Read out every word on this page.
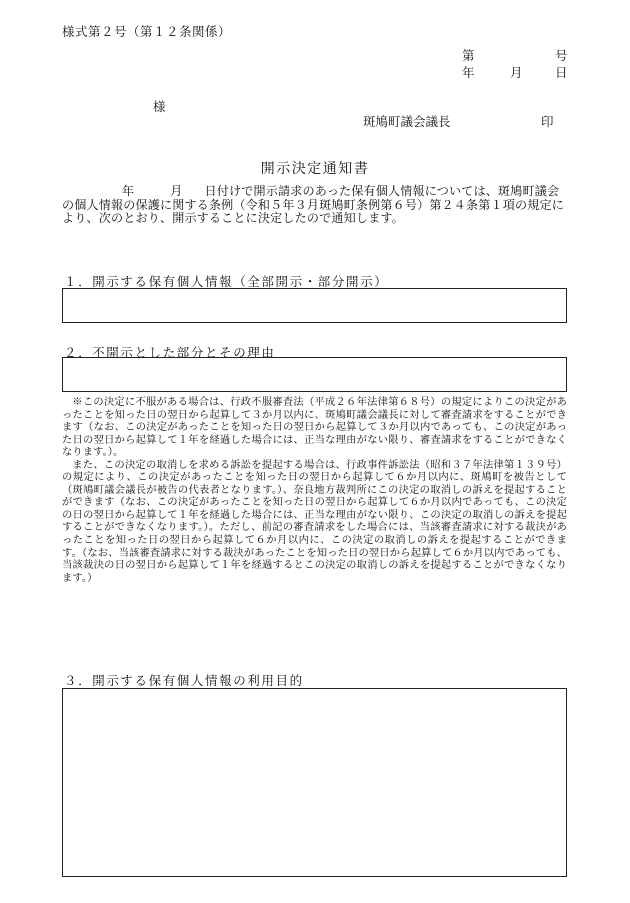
様式第２号（第１２条関係）
第	号
年	月	日
様
斑鳩町議会議長	印
開示決定通知書
年	月 日付けで開示請求のあった保有個人情報については、斑鳩町議会の個人情報の保護に関する条例（令和５年３月斑鳩町条例第６号）第２４条第１項の規定により、次のとおり、開示することに決定したので通知します。
１．開示する保有個人情報（全部開示・部分開示）
２．不開示とした部分とその理由

※この決定に不服がある場合は、行政不服審査法（平成２６年法律第６８号）の規定によりこの決定があったことを知った日の翌日から起算して３か月以内に、斑鳩町議会議長に対して審査請求をすることができます（なお、この決定があったことを知った日の翌日から起算して３か月以内であっても、この決定があった日の翌日から起算して１年を経過した場合には、正当な理由がない限り、審査請求をすることができなくなります。）。

また、この決定の取消しを求める訴訟を提起する場合は、行政事件訴訟法（昭和３７年法律第１３９号）の規定により、この決定があったことを知った日の翌日から起算して６か月以内に、斑鳩町を被告として（斑鳩町議会議長が被告の代表者となります。）、奈良地方裁判所にこの決定の取消しの訴えを提起することができます（なお、この決定があったことを知った日の翌日から起算して６か月以内であっても、この決定の日の翌日から起算して１年を経過した場合には、正当な理由がない限り、この決定の取消しの訴えを提起することができなくなります。）。ただし、前記の審査請求をした場合には、当該審査請求に対する裁決があったことを知った日の翌日から起算して６か月以内に、この決定の取消しの訴えを提起することができます。（なお、当該審査請求に対する裁決があったことを知った日の翌日から起算して６か月以内であっても、当該裁決の日の翌日から起算して１年を経過するとこの決定の取消しの訴えを提起することができなくなります。）

３．開示する保有個人情報の利用目的
